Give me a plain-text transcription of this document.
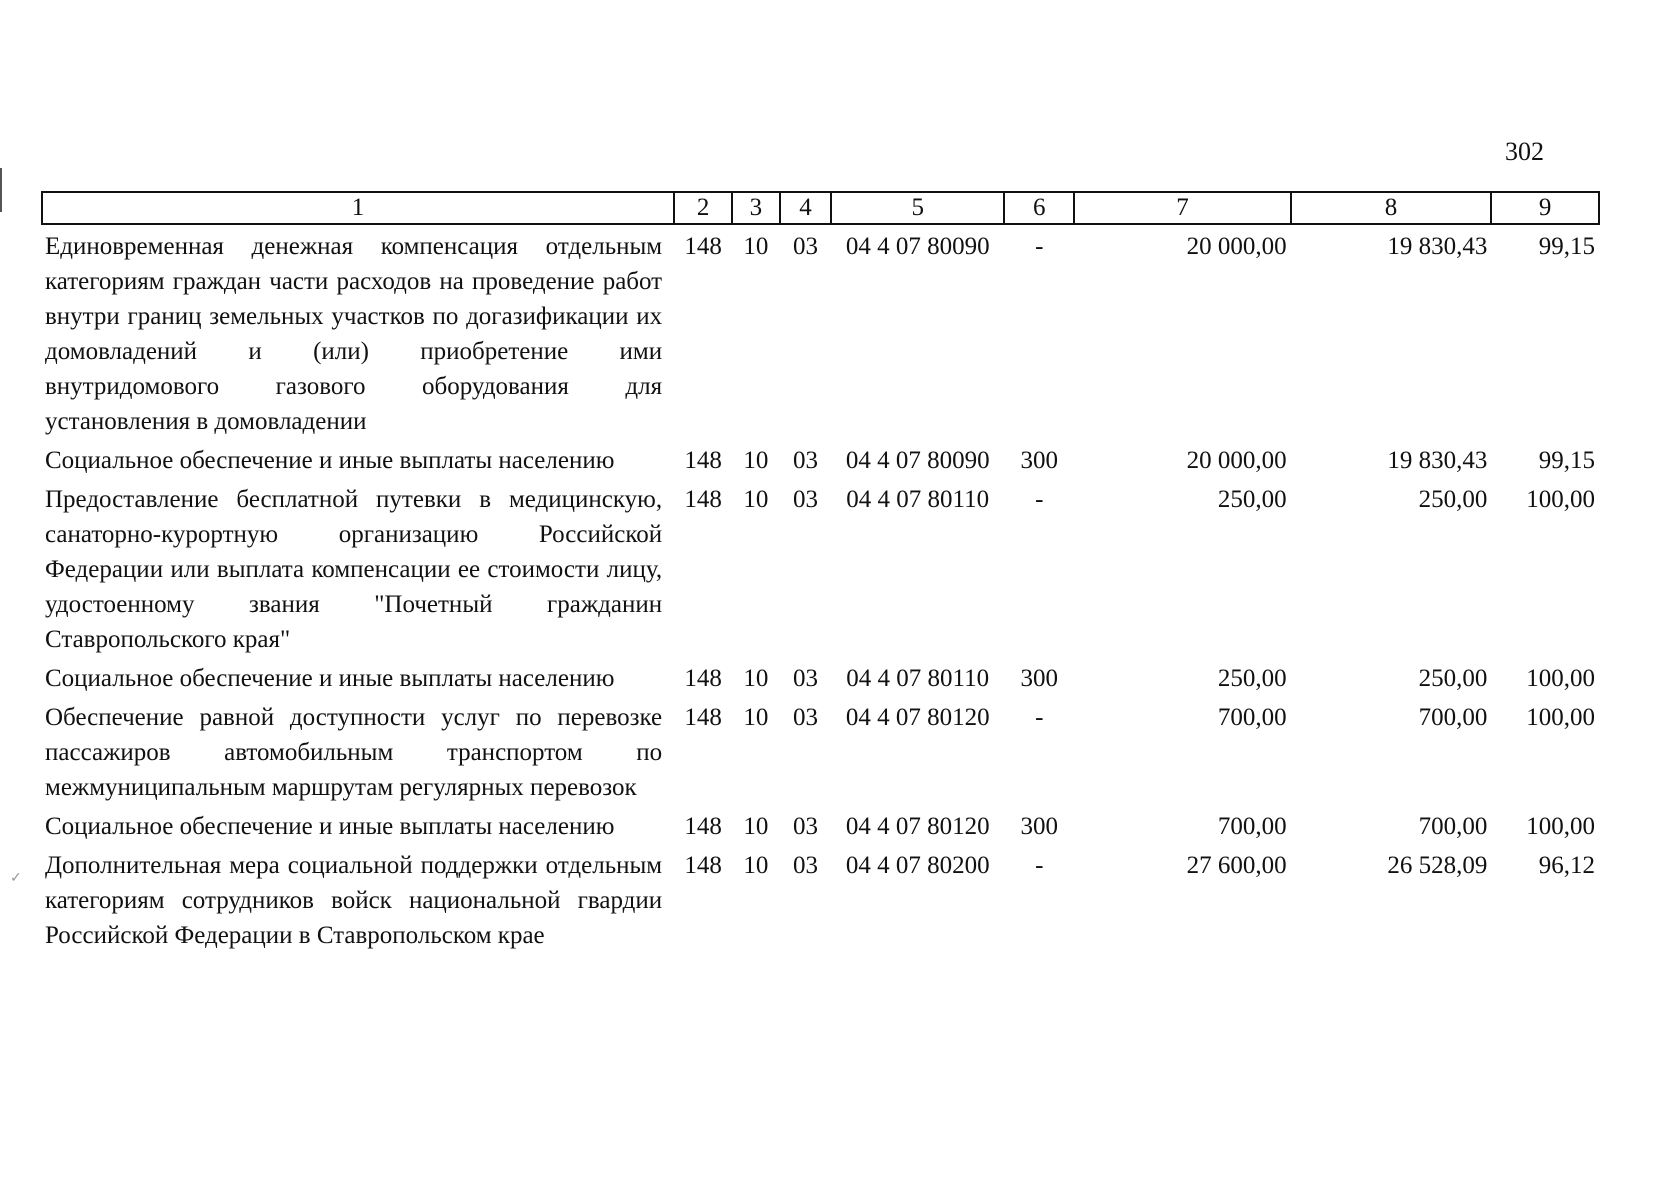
✓
302
1	2	3	4	5	6	7	8	9
Единовременная денежная компенсация отдельным категориям граждан части расходов на проведение работ внутри границ земельных участков по догазификации их домовладений и (или) приобретение ими внутридомового газового оборудования для установления в домовладении	148	10	03	04 4 07 80090	-	20 000,00	19 830,43	99,15
Социальное обеспечение и иные выплаты населению	148	10	03	04 4 07 80090	300	20 000,00	19 830,43	99,15
Предоставление бесплатной путевки в медицинскую, санаторно-курортную организацию Российской Федерации или выплата компенсации ее стоимости лицу, удостоенному звания "Почетный гражданин Ставропольского края"	148	10	03	04 4 07 80110	-	250,00	250,00	100,00
Социальное обеспечение и иные выплаты населению	148	10	03	04 4 07 80110	300	250,00	250,00	100,00
Обеспечение равной доступности услуг по перевозке пассажиров автомобильным транспортом по межмуниципальным маршрутам регулярных перевозок	148	10	03	04 4 07 80120	-	700,00	700,00	100,00
Социальное обеспечение и иные выплаты населению	148	10	03	04 4 07 80120	300	700,00	700,00	100,00
Дополнительная мера социальной поддержки отдельным категориям сотрудников войск национальной гвардии Российской Федерации в Ставропольском крае	148	10	03	04 4 07 80200	-	27 600,00	26 528,09	96,12
